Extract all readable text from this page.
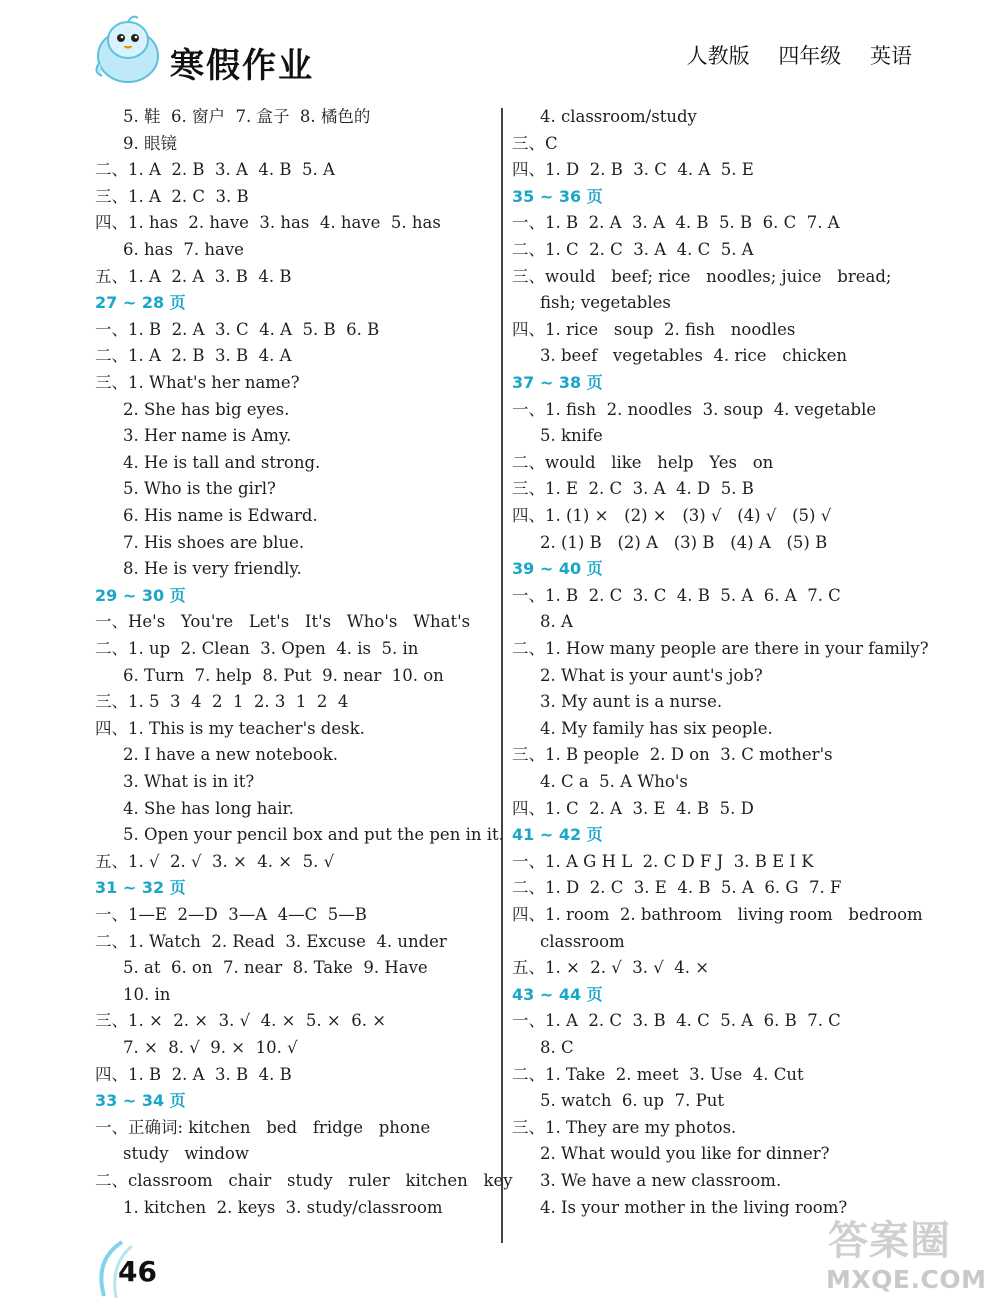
寒假作业	人教版 四年级 英语
5. 鞋  6. 窗户  7. 盒子  8. 橘色的
9. 眼镜
二、1. A  2. B  3. A  4. B  5. A
三、1. A  2. C  3. B
四、1. has  2. have  3. has  4. have  5. has
6. has  7. have
五、1. A  2. A  3. B  4. B
27 ~ 28 页
一、1. B  2. A  3. C  4. A  5. B  6. B
二、1. A  2. B  3. B  4. A
三、1. What's her name?
2. She has big eyes.
3. Her name is Amy.
4. He is tall and strong.
5. Who is the girl?
6. His name is Edward.
7. His shoes are blue.
8. He is very friendly.
29 ~ 30 页
一、He's   You're   Let's   It's   Who's   What's
二、1. up  2. Clean  3. Open  4. is  5. in
6. Turn  7. help  8. Put  9. near  10. on
三、1. 5  3  4  2  1  2. 3  1  2  4
四、1. This is my teacher's desk.
2. I have a new notebook.
3. What is in it?
4. She has long hair.
5. Open your pencil box and put the pen in it.
五、1. √  2. √  3. ×  4. ×  5. √
31 ~ 32 页
一、1—E  2—D  3—A  4—C  5—B
二、1. Watch  2. Read  3. Excuse  4. under
5. at  6. on  7. near  8. Take  9. Have
10. in
三、1. ×  2. ×  3. √  4. ×  5. ×  6. ×
7. ×  8. √  9. ×  10. √
四、1. B  2. A  3. B  4. B
33 ~ 34 页
一、正确词: kitchen   bed   fridge   phone
study   window
二、classroom   chair   study   ruler   kitchen   key
1. kitchen  2. keys  3. study/classroom
4. classroom/study
三、C
四、1. D  2. B  3. C  4. A  5. E
35 ~ 36 页
一、1. B  2. A  3. A  4. B  5. B  6. C  7. A
二、1. C  2. C  3. A  4. C  5. A
三、would   beef; rice   noodles; juice   bread;
fish; vegetables
四、1. rice   soup  2. fish   noodles
3. beef   vegetables  4. rice   chicken
37 ~ 38 页
一、1. fish  2. noodles  3. soup  4. vegetable
5. knife
二、would   like   help   Yes   on
三、1. E  2. C  3. A  4. D  5. B
四、1. (1) ×   (2) ×   (3) √   (4) √   (5) √
2. (1) B   (2) A   (3) B   (4) A   (5) B
39 ~ 40 页
一、1. B  2. C  3. C  4. B  5. A  6. A  7. C
8. A
二、1. How many people are there in your family?
2. What is your aunt's job?
3. My aunt is a nurse.
4. My family has six people.
三、1. B people  2. D on  3. C mother's
4. C a  5. A Who's
四、1. C  2. A  3. E  4. B  5. D
41 ~ 42 页
一、1. A G H L  2. C D F J  3. B E I K
二、1. D  2. C  3. E  4. B  5. A  6. G  7. F
四、1. room  2. bathroom   living room   bedroom
classroom
五、1. ×  2. √  3. √  4. ×
43 ~ 44 页
一、1. A  2. C  3. B  4. C  5. A  6. B  7. C
8. C
二、1. Take  2. meet  3. Use  4. Cut
5. watch  6. up  7. Put
三、1. They are my photos.
2. What would you like for dinner?
3. We have a new classroom.
4. Is your mother in the living room?
46
答案圈
MXQE.COM
